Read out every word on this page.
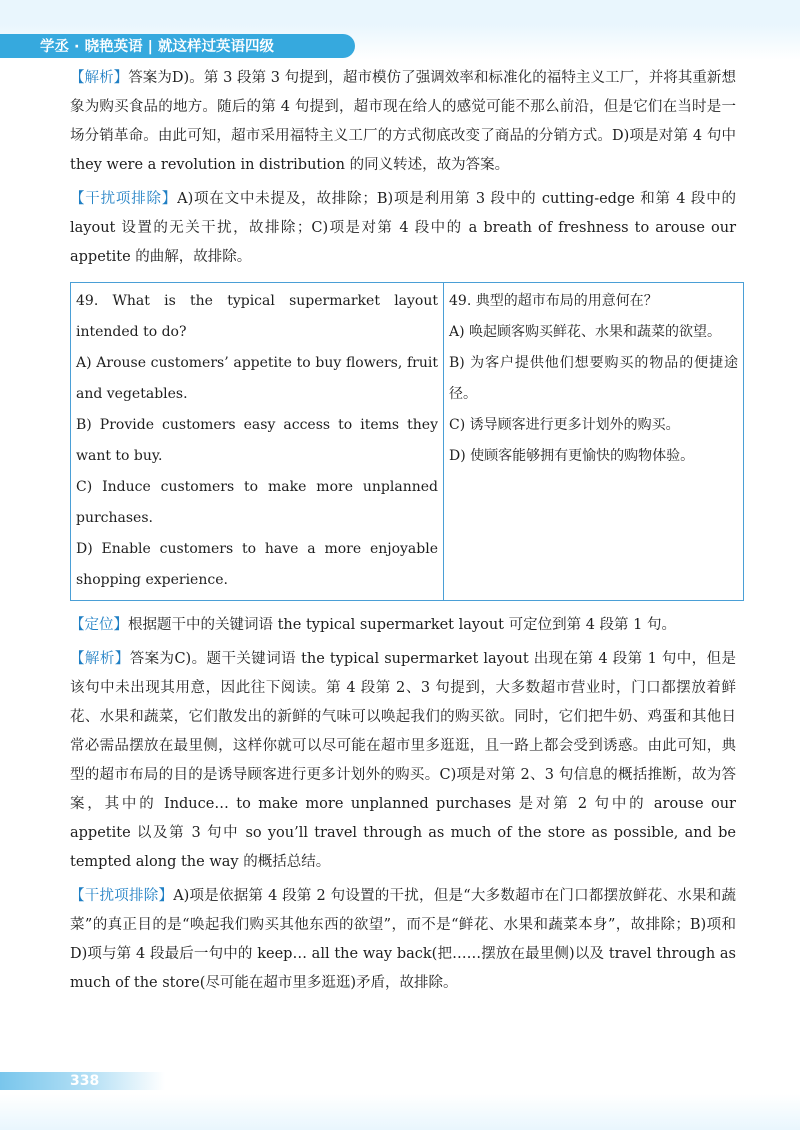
学丞 · 晓艳英语 | 就这样过英语四级

【解析】答案为D)。第 3 段第 3 句提到，超市模仿了强调效率和标准化的福特主义工厂，并将其重新想象为购买食品的地方。随后的第 4 句提到，超市现在给人的感觉可能不那么前沿，但是它们在当时是一场分销革命。由此可知，超市采用福特主义工厂的方式彻底改变了商品的分销方式。D)项是对第 4 句中 they were a revolution in distribution 的同义转述，故为答案。

【干扰项排除】A)项在文中未提及，故排除；B)项是利用第 3 段中的 cutting-edge 和第 4 段中的 layout 设置的无关干扰，故排除；C)项是对第 4 段中的 a breath of freshness to arouse our appetite 的曲解，故排除。

49. What is the typical supermarket layout intended to do?
A) Arouse customers’ appetite to buy flowers, fruit and vegetables.
B) Provide customers easy access to items they want to buy.
C) Induce customers to make more unplanned purchases.
D) Enable customers to have a more enjoyable shopping experience.

49. 典型的超市布局的用意何在？
A) 唤起顾客购买鲜花、水果和蔬菜的欲望。
B) 为客户提供他们想要购买的物品的便捷途径。
C) 诱导顾客进行更多计划外的购买。
D) 使顾客能够拥有更愉快的购物体验。

【定位】根据题干中的关键词语 the typical supermarket layout 可定位到第 4 段第 1 句。

【解析】答案为C)。题干关键词语 the typical supermarket layout 出现在第 4 段第 1 句中，但是该句中未出现其用意，因此往下阅读。第 4 段第 2、3 句提到，大多数超市营业时，门口都摆放着鲜花、水果和蔬菜，它们散发出的新鲜的气味可以唤起我们的购买欲。同时，它们把牛奶、鸡蛋和其他日常必需品摆放在最里侧，这样你就可以尽可能在超市里多逛逛，且一路上都会受到诱惑。由此可知，典型的超市布局的目的是诱导顾客进行更多计划外的购买。C)项是对第 2、3 句信息的概括推断，故为答案，其中的 Induce… to make more unplanned purchases 是对第 2 句中的 arouse our appetite 以及第 3 句中 so you’ll travel through as much of the store as possible, and be tempted along the way 的概括总结。

【干扰项排除】A)项是依据第 4 段第 2 句设置的干扰，但是“大多数超市在门口都摆放鲜花、水果和蔬菜”的真正目的是“唤起我们购买其他东西的欲望”，而不是“鲜花、水果和蔬菜本身”，故排除；B)项和 D)项与第 4 段最后一句中的 keep… all the way back(把……摆放在最里侧)以及 travel through as much of the store(尽可能在超市里多逛逛)矛盾，故排除。

338
